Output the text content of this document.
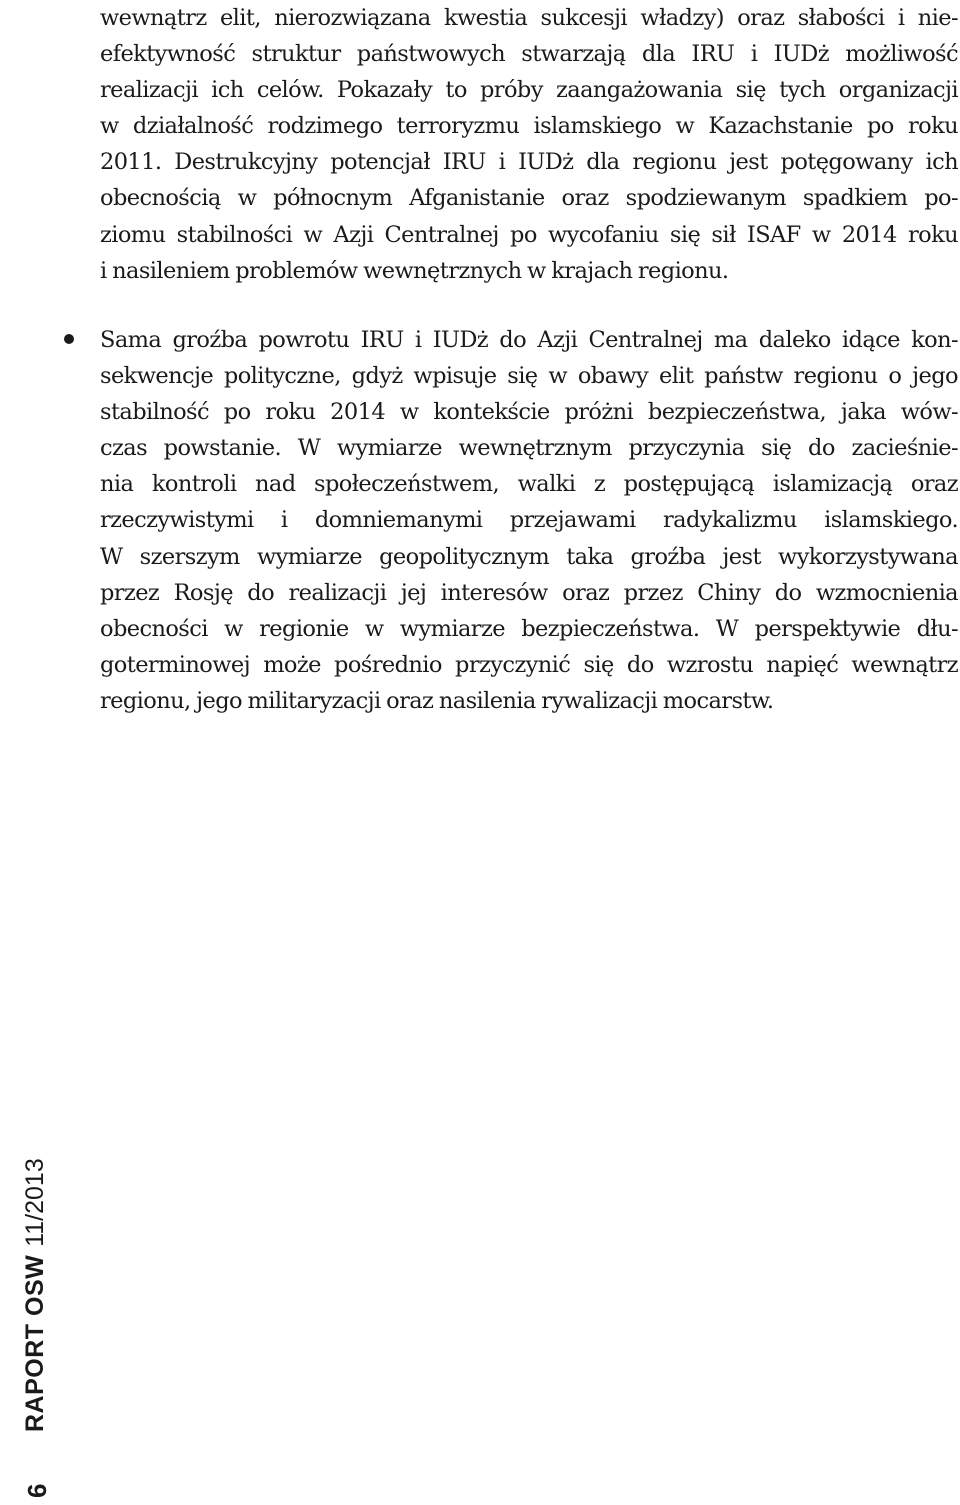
wewnątrz elit, nierozwiązana kwestia sukcesji władzy) oraz słabości i nie-
efektywność struktur państwowych stwarzają dla IRU i IUDż możliwość
realizacji ich celów. Pokazały to próby zaangażowania się tych organizacji
w działalność rodzimego terroryzmu islamskiego w Kazachstanie po roku
2011. Destrukcyjny potencjał IRU i IUDż dla regionu jest potęgowany ich
obecnością w północnym Afganistanie oraz spodziewanym spadkiem po-
ziomu stabilności w Azji Centralnej po wycofaniu się sił ISAF w 2014 roku
i nasileniem problemów wewnętrznych w krajach regionu.
Sama groźba powrotu IRU i IUDż do Azji Centralnej ma daleko idące kon-
sekwencje polityczne, gdyż wpisuje się w obawy elit państw regionu o jego
stabilność po roku 2014 w kontekście próżni bezpieczeństwa, jaka wów-
czas powstanie. W wymiarze wewnętrznym przyczynia się do zacieśnie-
nia kontroli nad społeczeństwem, walki z postępującą islamizacją oraz
rzeczywistymi i domniemanymi przejawami radykalizmu islamskiego.
W szerszym wymiarze geopolitycznym taka groźba jest wykorzystywana
przez Rosję do realizacji jej interesów oraz przez Chiny do wzmocnienia
obecności w regionie w wymiarze bezpieczeństwa. W perspektywie dłu-
goterminowej może pośrednio przyczynić się do wzrostu napięć wewnątrz
regionu, jego militaryzacji oraz nasilenia rywalizacji mocarstw.
RAPORT OSW11/2013
6
